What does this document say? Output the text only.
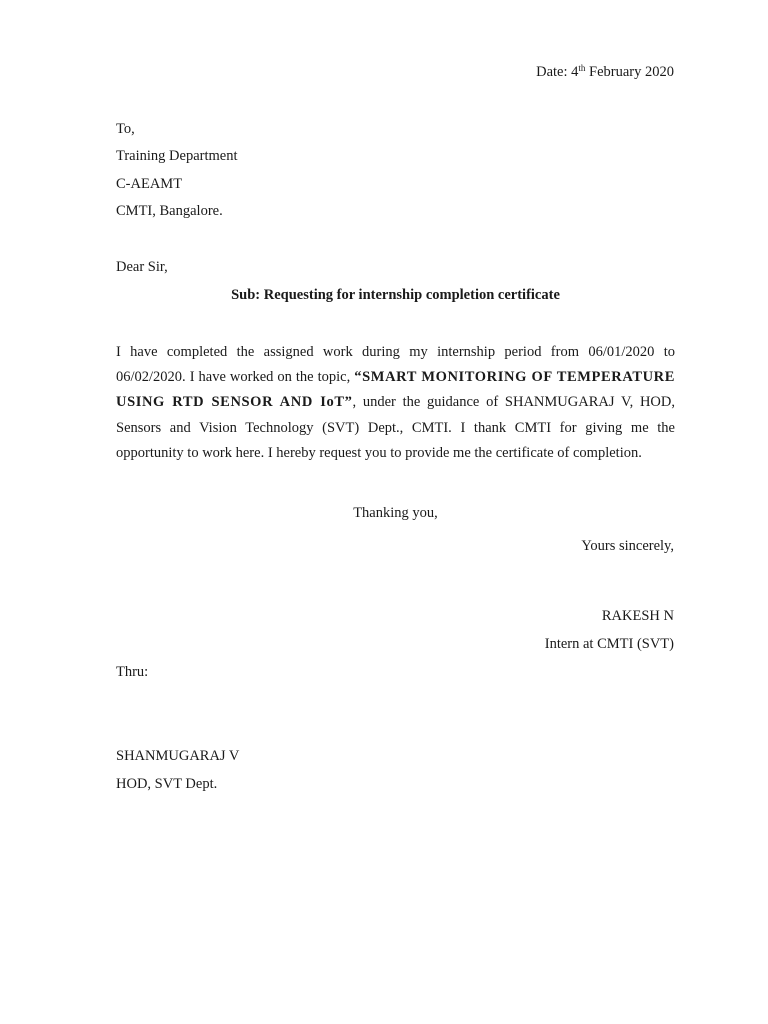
Date: 4th February 2020
To,
Training Department
C-AEAMT
CMTI, Bangalore.
Dear Sir,
Sub: Requesting for internship completion certificate
I have completed the assigned work during my internship period from 06/01/2020 to 06/02/2020. I have worked on the topic, “SMART MONITORING OF TEMPERATURE USING RTD SENSOR AND IoT”, under the guidance of SHANMUGARAJ V, HOD, Sensors and Vision Technology (SVT) Dept., CMTI. I thank CMTI for giving me the opportunity to work here. I hereby request you to provide me the certificate of completion.
Thanking you,
Yours sincerely,
RAKESH N
Intern at CMTI (SVT)
Thru:
SHANMUGARAJ V
HOD, SVT Dept.
